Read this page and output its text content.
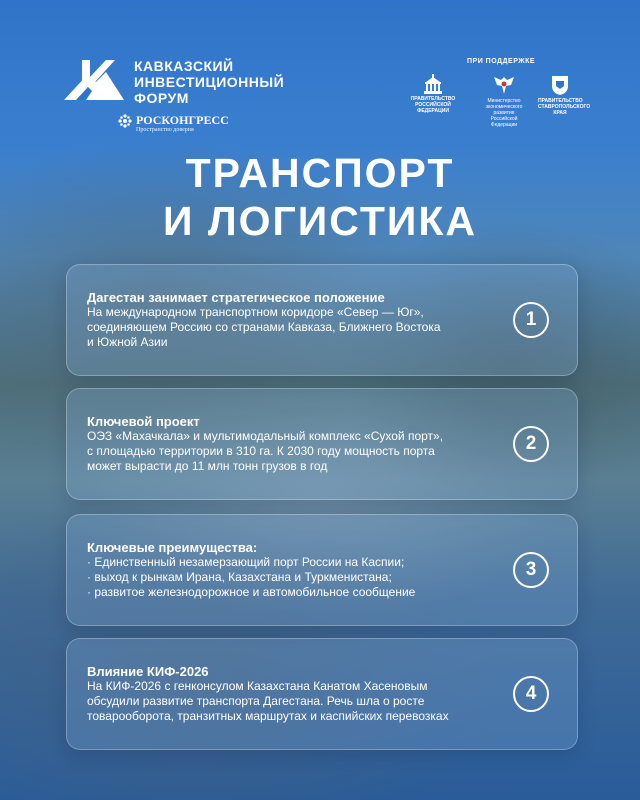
КАВКАЗСКИЙ
ИНВЕСТИЦИОННЫЙ
ФОРУМ
РОСКОНГРЕСС
Пространство доверия
ПРИ ПОДДЕРЖКЕ
ПРАВИТЕЛЬСТВО
РОССИЙСКОЙ
ФЕДЕРАЦИИ
Министерство
экономического развития
Российской Федерации
ПРАВИТЕЛЬСТВО
СТАВРОПОЛЬСКОГО КРАЯ
ТРАНСПОРТ
И ЛОГИСТИКА
Дагестан занимает стратегическое положение
На международном транспортном коридоре «Север — Юг»,
соединяющем Россию со странами Кавказа, Ближнего Востока
и Южной Азии
1
Ключевой проект
ОЭЗ «Махачкала» и мультимодальный комплекс «Сухой порт»,
с площадью территории в 310 га. К 2030 году мощность порта
может вырасти до 11 млн тонн грузов в год
2
Ключевые преимущества:
· Единственный незамерзающий порт России на Каспии;
· выход к рынкам Ирана, Казахстана и Туркменистана;
· развитое железнодорожное и автомобильное сообщение
3
Влияние КИФ-2026
На КИФ-2026 с генконсулом Казахстана Канатом Хасеновым
обсудили развитие транспорта Дагестана. Речь шла о росте
товарооборота, транзитных маршрутах и каспийских перевозках
4
